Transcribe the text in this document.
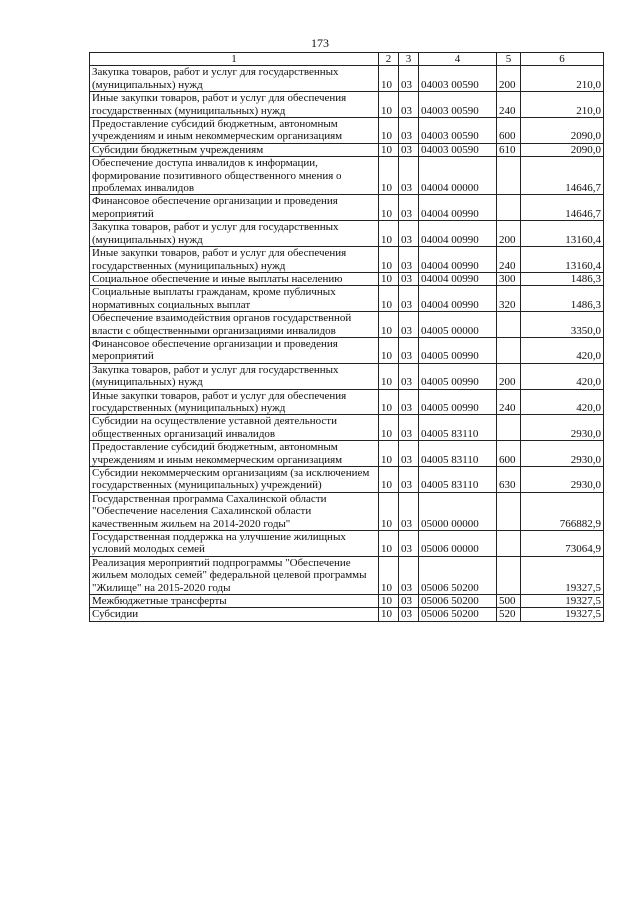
173
1	2	3	4	5	6
Закупка товаров, работ и услуг для государственных (муниципальных) нужд	10	03	04003 00590	200	210,0
Иные закупки товаров, работ и услуг для обеспечения государственных (муниципальных) нужд	10	03	04003 00590	240	210,0
Предоставление субсидий бюджетным, автономным учреждениям и иным некоммерческим организациям	10	03	04003 00590	600	2090,0
Субсидии бюджетным учреждениям	10	03	04003 00590	610	2090,0
Обеспечение доступа инвалидов к информации, формирование позитивного общественного мнения о проблемах инвалидов	10	03	04004 00000		14646,7
Финансовое обеспечение организации и проведения мероприятий	10	03	04004 00990		14646,7
Закупка товаров, работ и услуг для государственных (муниципальных) нужд	10	03	04004 00990	200	13160,4
Иные закупки товаров, работ и услуг для обеспечения государственных (муниципальных) нужд	10	03	04004 00990	240	13160,4
Социальное обеспечение и иные выплаты населению	10	03	04004 00990	300	1486,3
Социальные выплаты гражданам, кроме публичных нормативных социальных выплат	10	03	04004 00990	320	1486,3
Обеспечение взаимодействия органов государственной власти с общественными организациями инвалидов	10	03	04005 00000		3350,0
Финансовое обеспечение организации и проведения мероприятий	10	03	04005 00990		420,0
Закупка товаров, работ и услуг для государственных (муниципальных) нужд	10	03	04005 00990	200	420,0
Иные закупки товаров, работ и услуг для обеспечения государственных (муниципальных) нужд	10	03	04005 00990	240	420,0
Субсидии на осуществление уставной деятельности общественных организаций инвалидов	10	03	04005 83110		2930,0
Предоставление субсидий бюджетным, автономным учреждениям и иным некоммерческим организациям	10	03	04005 83110	600	2930,0
Субсидии некоммерческим организациям (за исключением государственных (муниципальных) учреждений)	10	03	04005 83110	630	2930,0
Государственная программа Сахалинской области "Обеспечение населения Сахалинской области качественным жильем на 2014-2020 годы"	10	03	05000 00000		766882,9
Государственная поддержка на улучшение жилищных условий молодых семей	10	03	05006 00000		73064,9
Реализация мероприятий подпрограммы "Обеспечение жильем молодых семей" федеральной целевой программы "Жилище" на 2015-2020 годы	10	03	05006 50200		19327,5
Межбюджетные трансферты	10	03	05006 50200	500	19327,5
Субсидии	10	03	05006 50200	520	19327,5
